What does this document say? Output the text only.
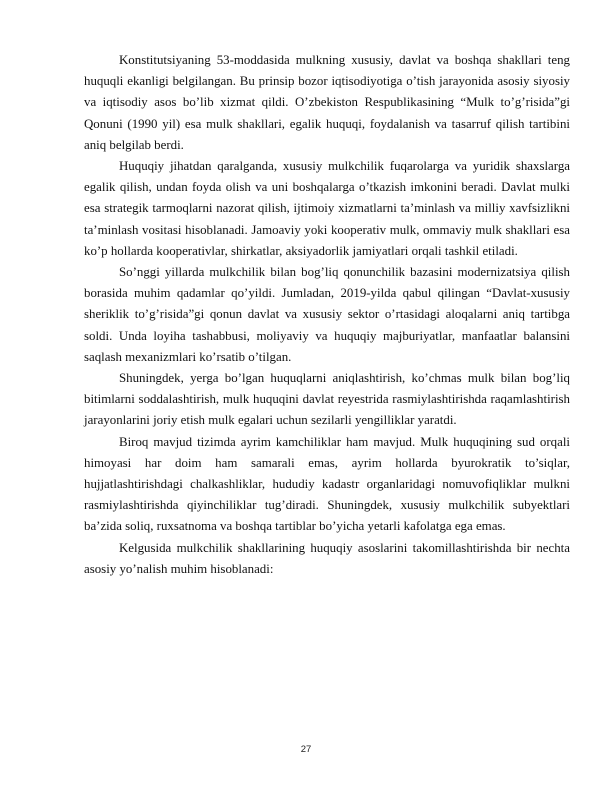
Konstitutsiyaning 53-moddasida mulkning xususiy, davlat va boshqa shakllari teng huquqli ekanligi belgilangan. Bu prinsip bozor iqtisodiyotiga o’tish jarayonida asosiy siyosiy va iqtisodiy asos bo’lib xizmat qildi. O’zbekiston Respublikasining “Mulk to’g’risida”gi Qonuni (1990 yil) esa mulk shakllari, egalik huquqi, foydalanish va tasarruf qilish tartibini aniq belgilab berdi.

Huquqiy jihatdan qaralganda, xususiy mulkchilik fuqarolarga va yuridik shaxslarga egalik qilish, undan foyda olish va uni boshqalarga o’tkazish imkonini beradi. Davlat mulki esa strategik tarmoqlarni nazorat qilish, ijtimoiy xizmatlarni ta’minlash va milliy xavfsizlikni ta’minlash vositasi hisoblanadi. Jamoaviy yoki kooperativ mulk, ommaviy mulk shakllari esa ko’p hollarda kooperativlar, shirkatlar, aksiyadorlik jamiyatlari orqali tashkil etiladi.

So’nggi yillarda mulkchilik bilan bog’liq qonunchilik bazasini modernizatsiya qilish borasida muhim qadamlar qo’yildi. Jumladan, 2019-yilda qabul qilingan “Davlat-xususiy sheriklik to’g’risida”gi qonun davlat va xususiy sektor o’rtasidagi aloqalarni aniq tartibga soldi. Unda loyiha tashabbusi, moliyaviy va huquqiy majburiyatlar, manfaatlar balansini saqlash mexanizmlari ko’rsatib o’tilgan.

Shuningdek, yerga bo’lgan huquqlarni aniqlashtirish, ko’chmas mulk bilan bog’liq bitimlarni soddalashtirish, mulk huquqini davlat reyestrida rasmiylashtirishda raqamlashtirish jarayonlarini joriy etish mulk egalari uchun sezilarli yengilliklar yaratdi.

Biroq mavjud tizimda ayrim kamchiliklar ham mavjud. Mulk huquqining sud orqali himoyasi har doim ham samarali emas, ayrim hollarda byurokratik to’siqlar, hujjatlashtirishdagi chalkashliklar, hududiy kadastr organlaridagi nomuvofiqliklar mulkni rasmiylashtirishda qiyinchiliklar tug’diradi. Shuningdek, xususiy mulkchilik subyektlari ba’zida soliq, ruxsatnoma va boshqa tartiblar bo’yicha yetarli kafolatga ega emas.

Kelgusida mulkchilik shakllarining huquqiy asoslarini takomillashtirishda bir nechta asosiy yo’nalish muhim hisoblanadi:

27
